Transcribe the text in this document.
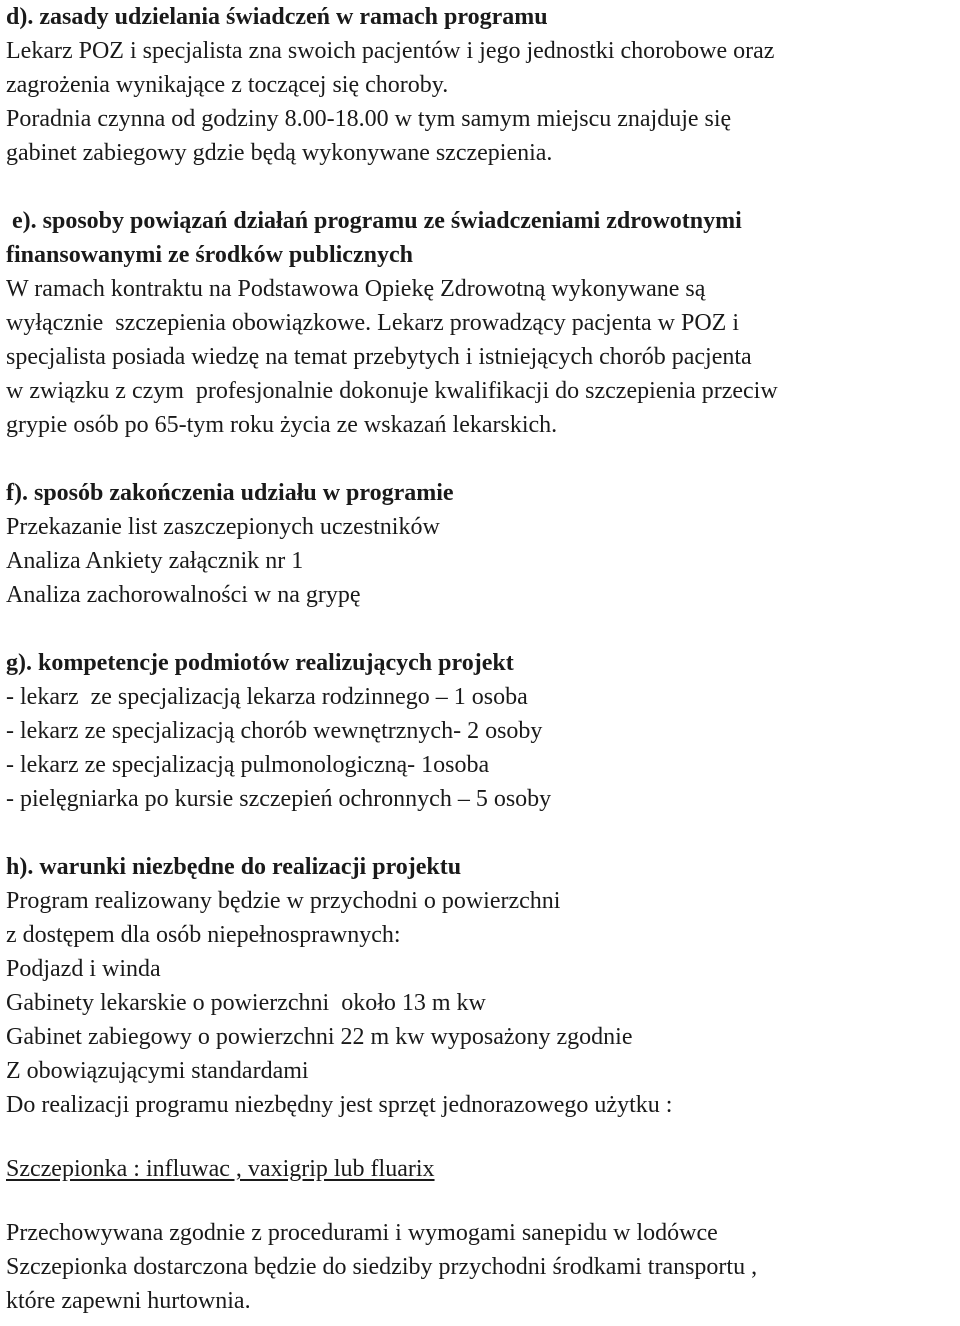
d). zasady udzielania świadczeń w ramach programu
Lekarz POZ i specjalista zna swoich pacjentów i jego jednostki chorobowe oraz
zagrożenia wynikające z toczącej się choroby.
Poradnia czynna od godziny 8.00-18.00 w tym samym miejscu znajduje się
gabinet zabiegowy gdzie będą wykonywane szczepienia.
e). sposoby powiązań działań programu ze świadczeniami zdrowotnymi
finansowanymi ze środków publicznych
W ramach kontraktu na Podstawowa Opiekę Zdrowotną wykonywane są
wyłącznie  szczepienia obowiązkowe. Lekarz prowadzący pacjenta w POZ i
specjalista posiada wiedzę na temat przebytych i istniejących chorób pacjenta
w związku z czym  profesjonalnie dokonuje kwalifikacji do szczepienia przeciw
grypie osób po 65-tym roku życia ze wskazań lekarskich.
f). sposób zakończenia udziału w programie
Przekazanie list zaszczepionych uczestników
Analiza Ankiety załącznik nr 1
Analiza zachorowalności w na grypę
g). kompetencje podmiotów realizujących projekt
- lekarz  ze specjalizacją lekarza rodzinnego – 1 osoba
- lekarz ze specjalizacją chorób wewnętrznych- 2 osoby
- lekarz ze specjalizacją pulmonologiczną- 1osoba
- pielęgniarka po kursie szczepień ochronnych – 5 osoby
h). warunki niezbędne do realizacji projektu
Program realizowany będzie w przychodni o powierzchni
z dostępem dla osób niepełnosprawnych:
Podjazd i winda
Gabinety lekarskie o powierzchni  około 13 m kw
Gabinet zabiegowy o powierzchni 22 m kw wyposażony zgodnie
Z obowiązującymi standardami
Do realizacji programu niezbędny jest sprzęt jednorazowego użytku :
Szczepionka : influwac , vaxigrip lub fluarix
Przechowywana zgodnie z procedurami i wymogami sanepidu w lodówce
Szczepionka dostarczona będzie do siedziby przychodni środkami transportu ,
które zapewni hurtownia.
